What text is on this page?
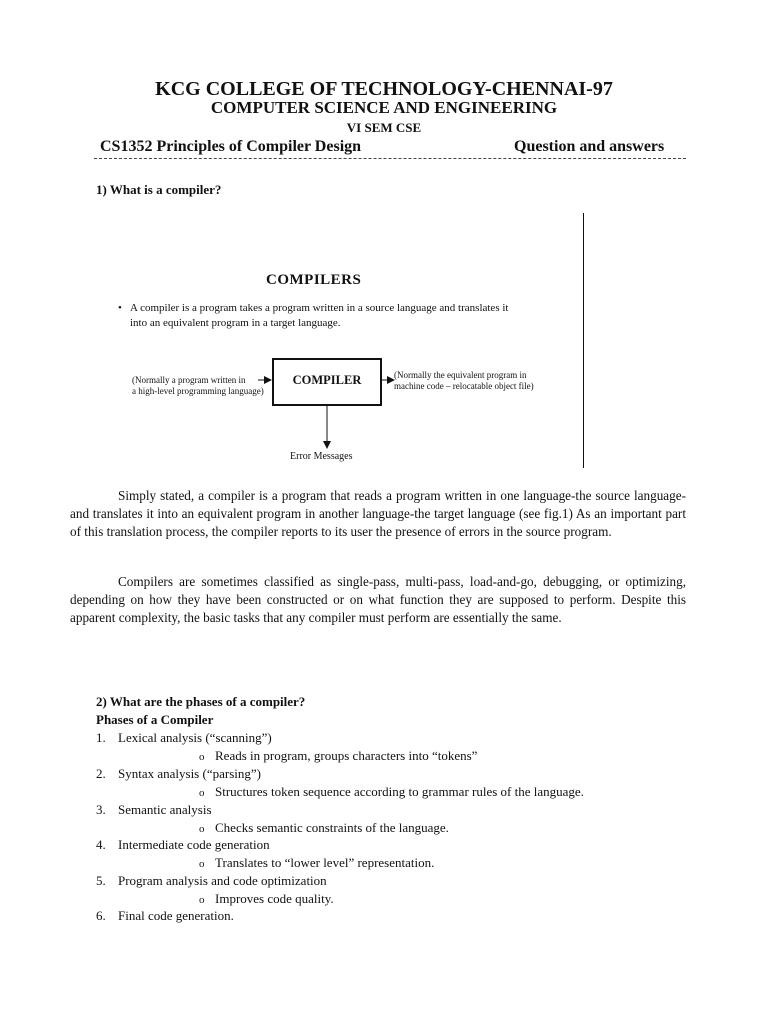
KCG COLLEGE OF TECHNOLOGY-CHENNAI-97
COMPUTER SCIENCE AND ENGINEERING
VI SEM CSE
CS1352 Principles of Compiler Design	Question and answers
1) What is a compiler?
COMPILERS
• A compiler is a program takes a program written in a source language and translates it into an equivalent program in a target language.
(Normally a program written in
a high-level programming language)
COMPILER	(Normally the equivalent program in
machine code – relocatable object file)
Error Messages

Simply stated, a compiler is a program that reads a program written in one language-the source language-and translates it into an equivalent program in another language-the target language (see fig.1) As an important part of this translation process, the compiler reports to its user the presence of errors in the source program.

Compilers are sometimes classified as single-pass, multi-pass, load-and-go, debugging, or optimizing, depending on how they have been constructed or on what function they are supposed to perform. Despite this apparent complexity, the basic tasks that any compiler must perform are essentially the same.

2) What are the phases of a compiler?
Phases of a Compiler
1. Lexical analysis (“scanning”)
o Reads in program, groups characters into “tokens”
2. Syntax analysis (“parsing”)
o Structures token sequence according to grammar rules of the language.
3. Semantic analysis
o Checks semantic constraints of the language.
4. Intermediate code generation
o Translates to “lower level” representation.
5. Program analysis and code optimization
o Improves code quality.
6. Final code generation.
